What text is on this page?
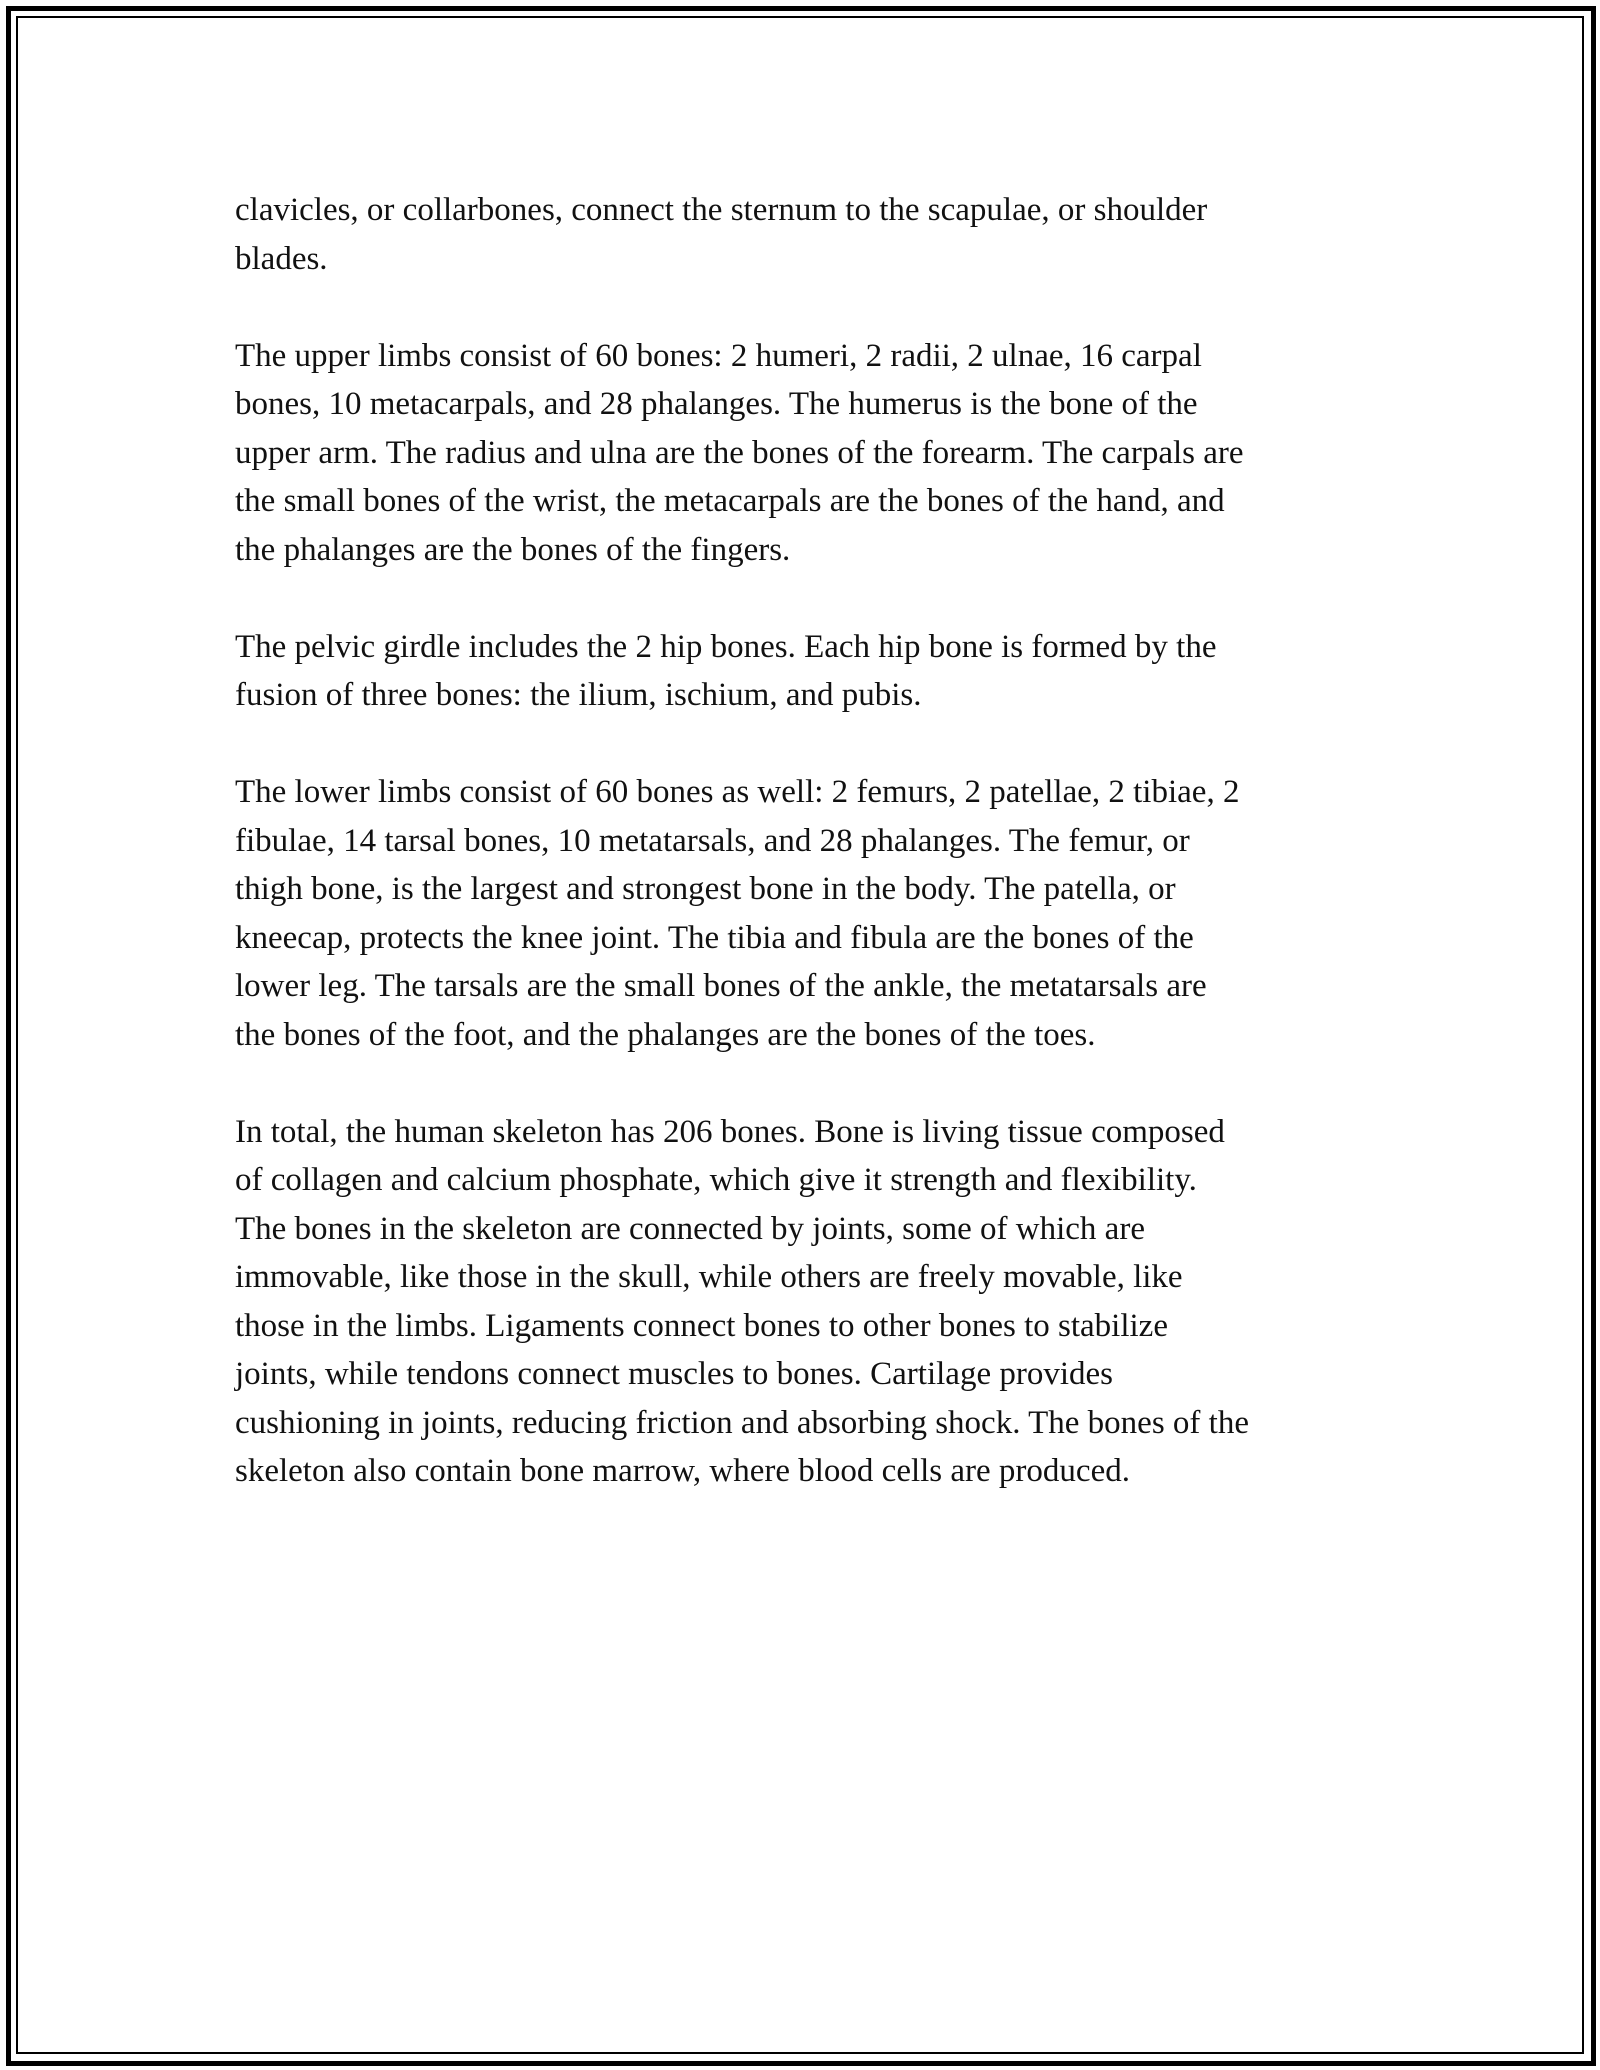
clavicles, or collarbones, connect the sternum to the scapulae, or shoulder
blades.

The upper limbs consist of 60 bones: 2 humeri, 2 radii, 2 ulnae, 16 carpal
bones, 10 metacarpals, and 28 phalanges. The humerus is the bone of the
upper arm. The radius and ulna are the bones of the forearm. The carpals are
the small bones of the wrist, the metacarpals are the bones of the hand, and
the phalanges are the bones of the fingers.

The pelvic girdle includes the 2 hip bones. Each hip bone is formed by the
fusion of three bones: the ilium, ischium, and pubis.

The lower limbs consist of 60 bones as well: 2 femurs, 2 patellae, 2 tibiae, 2
fibulae, 14 tarsal bones, 10 metatarsals, and 28 phalanges. The femur, or
thigh bone, is the largest and strongest bone in the body. The patella, or
kneecap, protects the knee joint. The tibia and fibula are the bones of the
lower leg. The tarsals are the small bones of the ankle, the metatarsals are
the bones of the foot, and the phalanges are the bones of the toes.

In total, the human skeleton has 206 bones. Bone is living tissue composed
of collagen and calcium phosphate, which give it strength and flexibility.
The bones in the skeleton are connected by joints, some of which are
immovable, like those in the skull, while others are freely movable, like
those in the limbs. Ligaments connect bones to other bones to stabilize
joints, while tendons connect muscles to bones. Cartilage provides
cushioning in joints, reducing friction and absorbing shock. The bones of the
skeleton also contain bone marrow, where blood cells are produced.
